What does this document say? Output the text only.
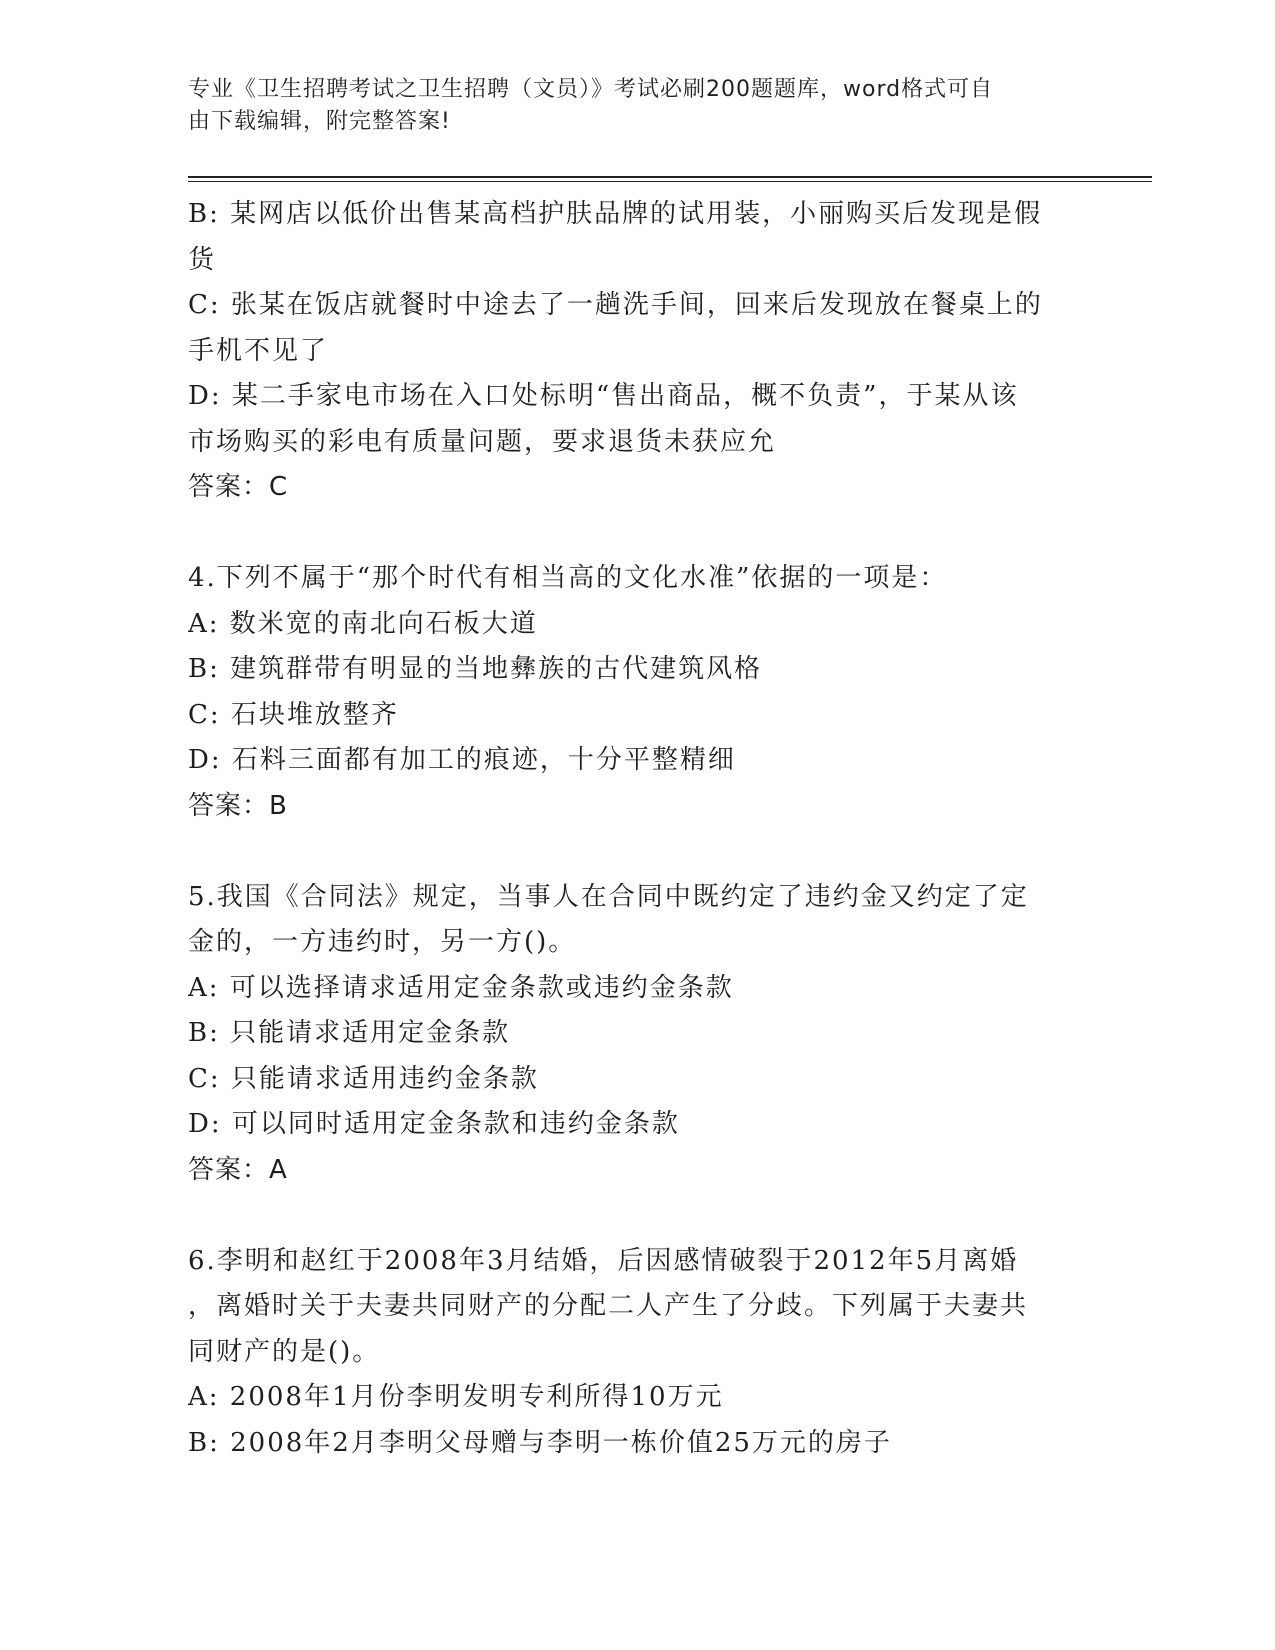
专业《卫生招聘考试之卫生招聘（文员）》考试必刷200题题库，word格式可自
由下载编辑，附完整答案!
B: 某网店以低价出售某高档护肤品牌的试用装，小丽购买后发现是假
货
C: 张某在饭店就餐时中途去了一趟洗手间，回来后发现放在餐桌上的
手机不见了
D: 某二手家电市场在入口处标明“售出商品，概不负责”，于某从该
市场购买的彩电有质量问题，要求退货未获应允
答案：C
4.下列不属于“那个时代有相当高的文化水准”依据的一项是：
A: 数米宽的南北向石板大道
B: 建筑群带有明显的当地彝族的古代建筑风格
C: 石块堆放整齐
D: 石料三面都有加工的痕迹，十分平整精细
答案：B
5.我国《合同法》规定，当事人在合同中既约定了违约金又约定了定
金的，一方违约时，另一方()。
A: 可以选择请求适用定金条款或违约金条款
B: 只能请求适用定金条款
C: 只能请求适用违约金条款
D: 可以同时适用定金条款和违约金条款
答案：A
6.李明和赵红于2008年3月结婚，后因感情破裂于2012年5月离婚
，离婚时关于夫妻共同财产的分配二人产生了分歧。下列属于夫妻共
同财产的是()。
A: 2008年1月份李明发明专利所得10万元
B: 2008年2月李明父母赠与李明一栋价值25万元的房子
